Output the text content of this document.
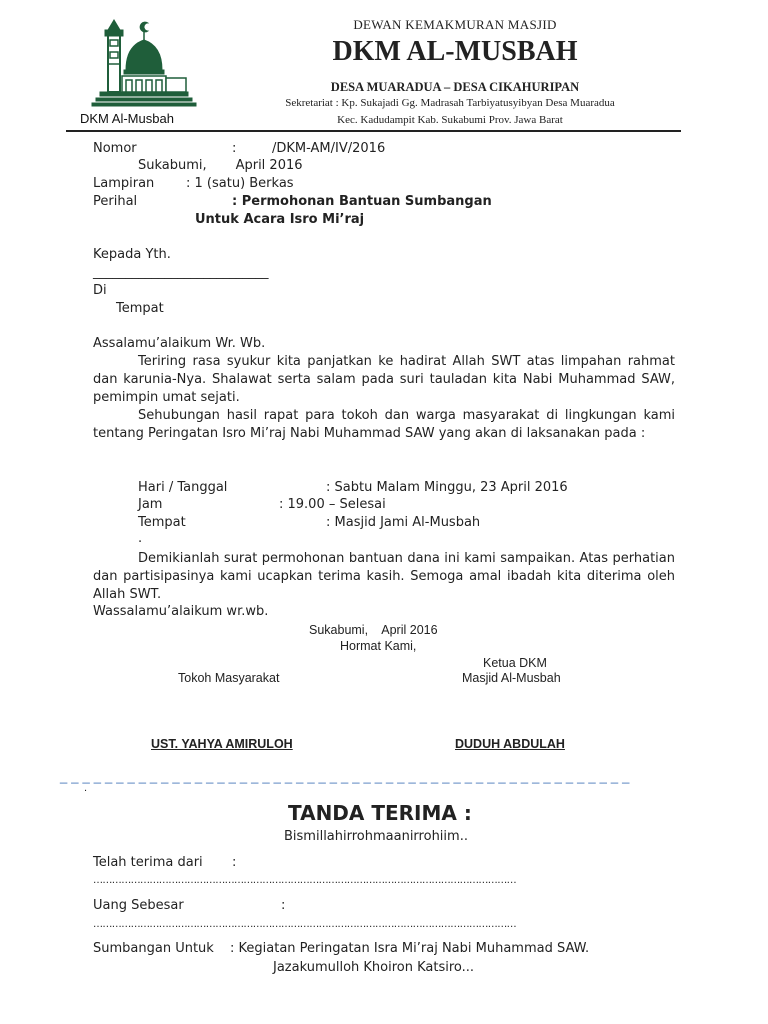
DKM Al-Musbah
DEWAN KEMAKMURAN MASJID
DKM AL-MUSBAH
DESA MUARADUA – DESA CIKAHURIPAN
Sekretariat : Kp. Sukajadi Gg. Madrasah Tarbiyatusyibyan Desa Muaradua
Kec. Kadudampit Kab. Sukabumi Prov. Jawa Barat
Nomor	:	/DKM-AM/IV/2016
Sukabumi,       April 2016
Lampiran : 1 (satu) Berkas
Perihal	: Permohonan Bantuan Sumbangan
Untuk Acara Isro Mi’raj
Kepada Yth.
___________________________
Di
Tempat
Assalamu’alaikum Wr. Wb.
Teriring rasa syukur kita panjatkan ke hadirat Allah SWT atas limpahan rahmat dan karunia-Nya. Shalawat serta salam pada suri tauladan kita Nabi Muhammad SAW, pemimpin umat sejati.
Sehubungan hasil rapat para tokoh dan warga masyarakat di lingkungan kami tentang Peringatan Isro Mi’raj Nabi Muhammad SAW yang akan di laksanakan pada :
Hari / Tanggal	: Sabtu Malam Minggu, 23 April 2016
Jam	: 19.00 – Selesai
Tempat	: Masjid Jami Al-Musbah
.
Demikianlah surat permohonan bantuan dana ini kami sampaikan. Atas perhatian dan partisipasinya kami ucapkan terima kasih. Semoga amal ibadah kita diterima oleh Allah SWT.
Wassalamu’alaikum wr.wb.
Sukabumi,    April 2016
Hormat Kami,
Ketua DKM
Tokoh Masyarakat	Masjid Al-Musbah
UST. YAHYA AMIRULOH	DUDUH ABDULAH
_ _ _ _ _ _ _ _ _ _ _ _ _ _ _ _ _ _ _ _ _ _ _ _ _ _ _ _ _ _ _ _ _ _ _ _ _ _ _ _ _ _ _ _ _ _ _ _ _ _ _
.
TANDA TERIMA :
Bismillahirrohmaanirrohiim..
Telah terima dari :
………………………………………………………………………………………………………………………
Uang Sebesar	:
………………………………………………………………………………………………………………………
Sumbangan Untuk : Kegiatan Peringatan Isra Mi’raj Nabi Muhammad SAW.
Jazakumulloh Khoiron Katsiro...
